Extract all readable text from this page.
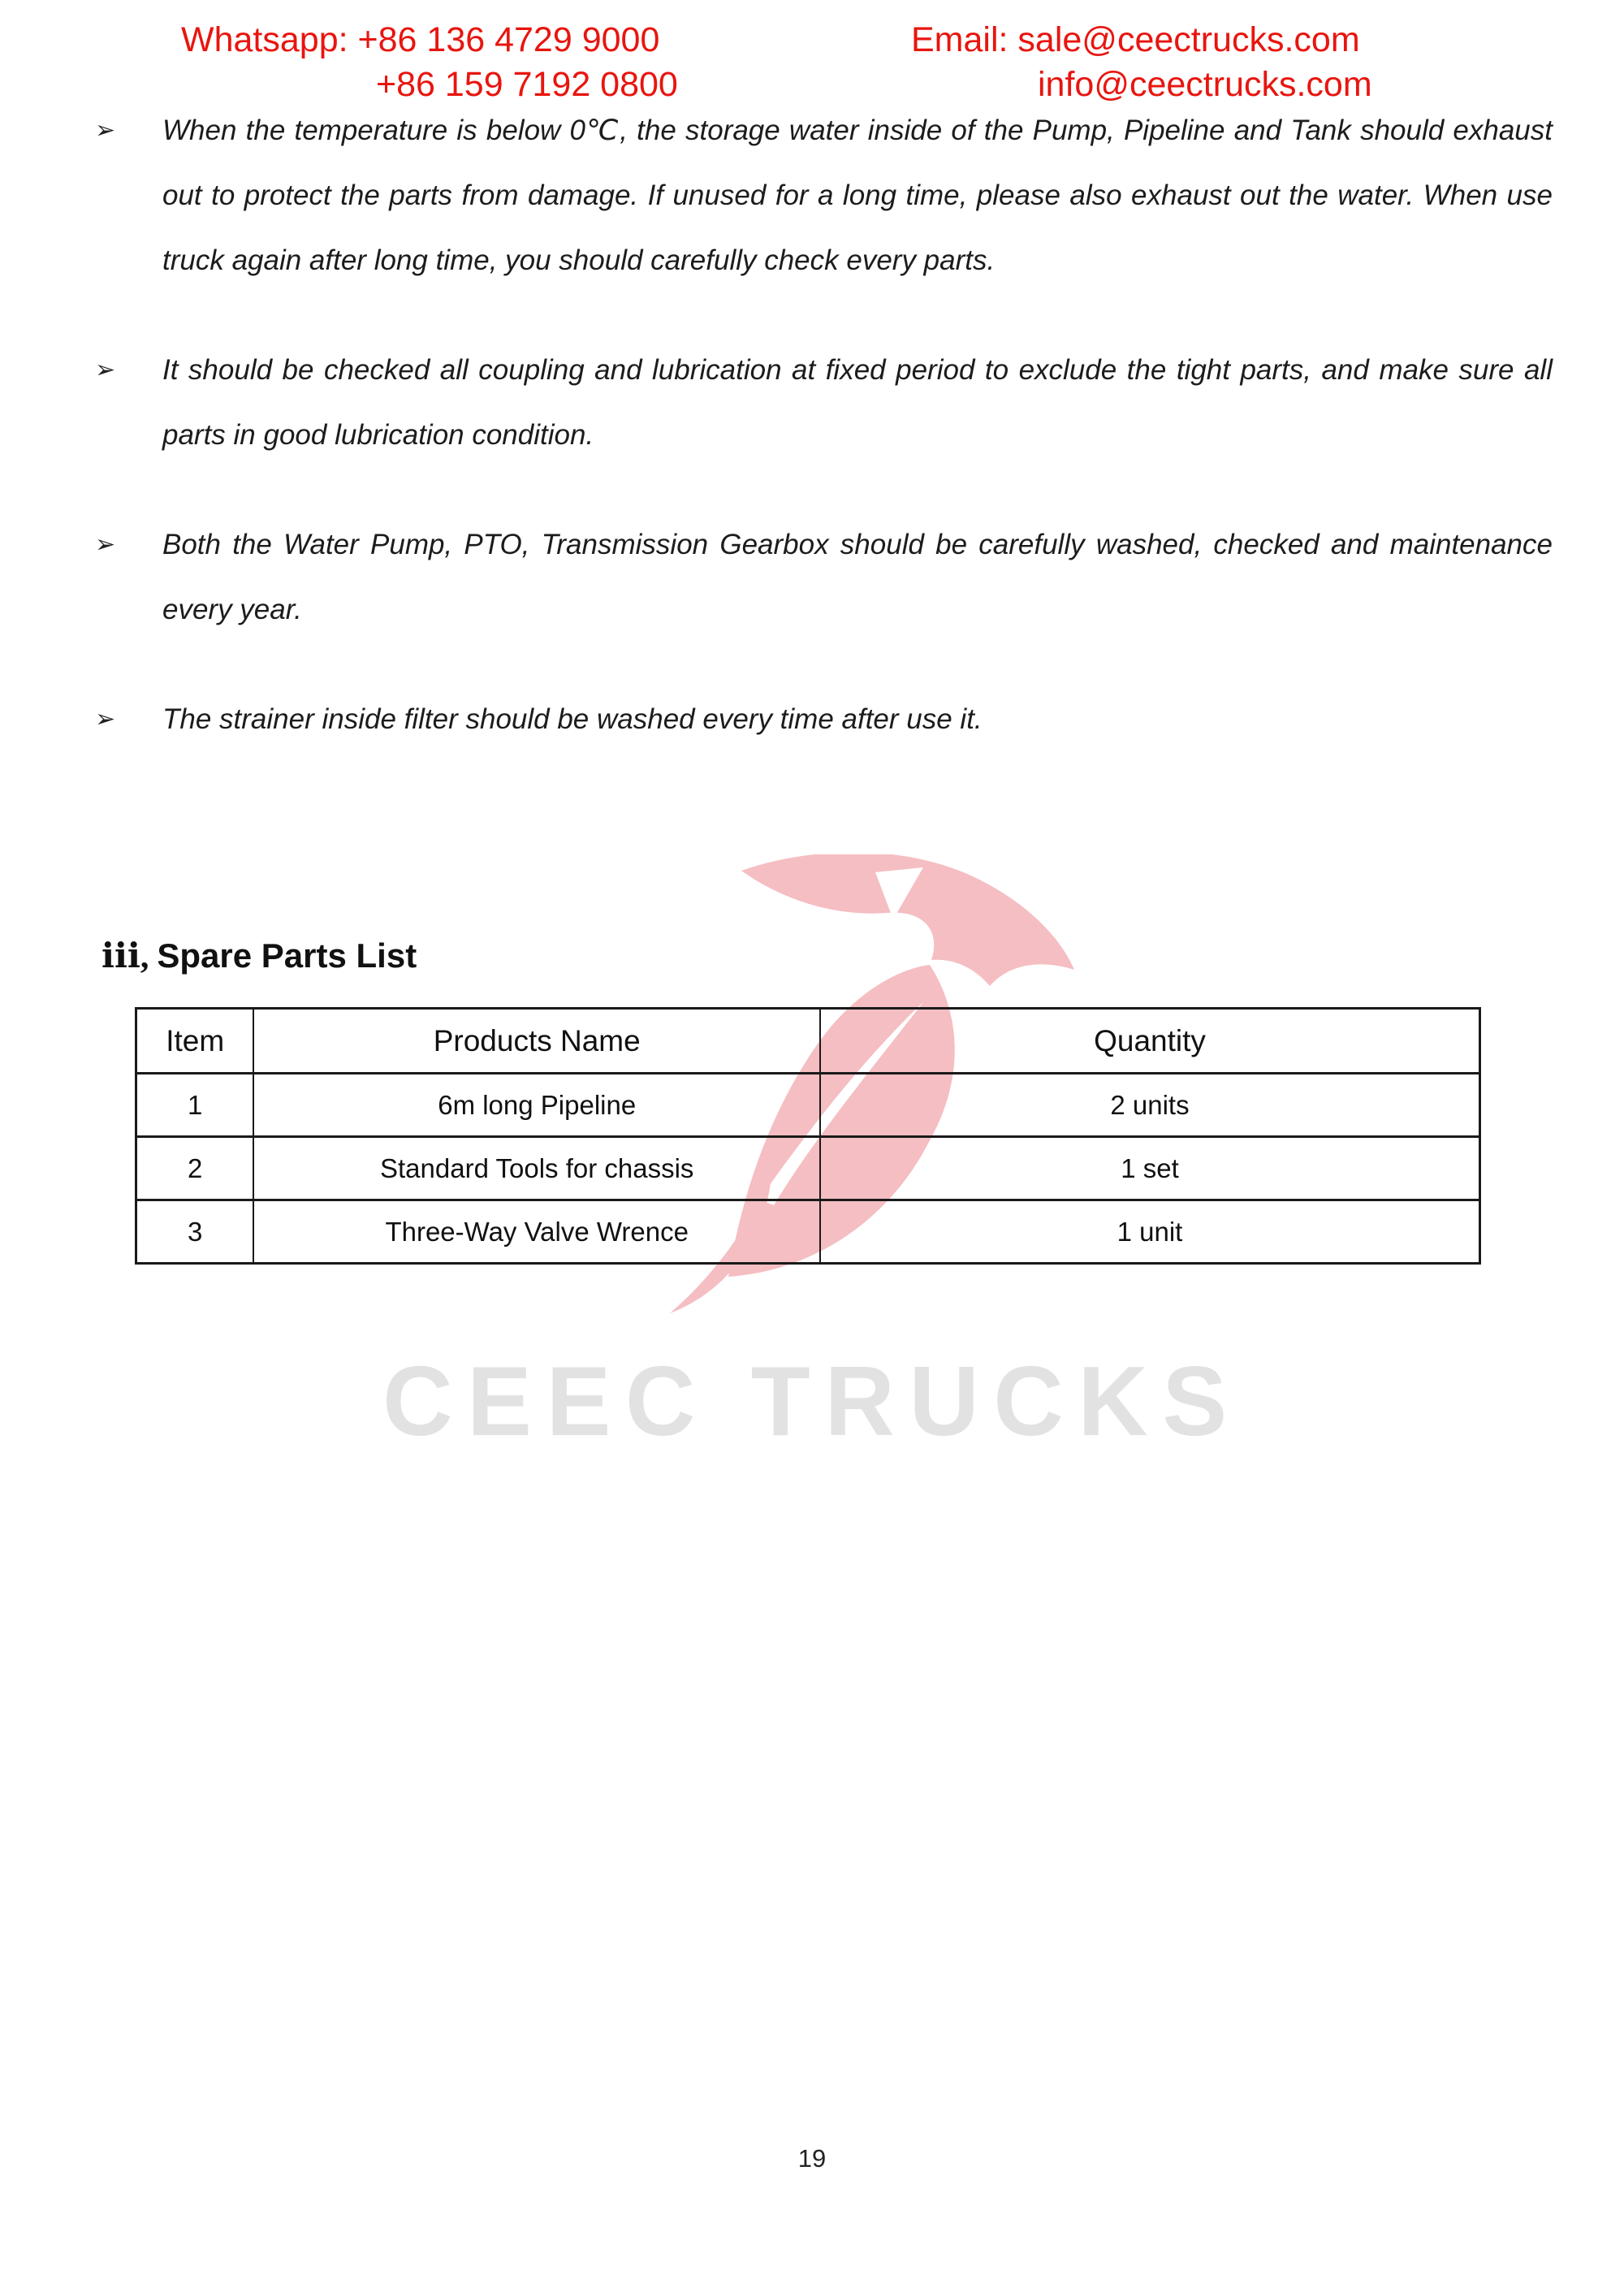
Whatsapp: +86 136 4729 9000
+86 159 7192 0800
Email: sale@ceectrucks.com
info@ceectrucks.com
➢	When the temperature is below 0℃, the storage water inside of the Pump, Pipeline and Tank should exhaust out to protect the parts from damage. If unused for a long time, please also exhaust out the water. When use truck again after long time, you should carefully check every parts.

➢	It should be checked all coupling and lubrication at fixed period to exclude the tight parts, and make sure all parts in good lubrication condition.

➢	Both the Water Pump, PTO, Transmission Gearbox should be carefully washed, checked and maintenance every year.

➢	The strainer inside filter should be washed every time after use it.

ⅲ, Spare Parts List
CEEC TRUCKS
Item	Products Name	Quantity
1	6m long Pipeline	2 units
2	Standard Tools for chassis	1 set
3	Three-Way Valve Wrence	1 unit
19
